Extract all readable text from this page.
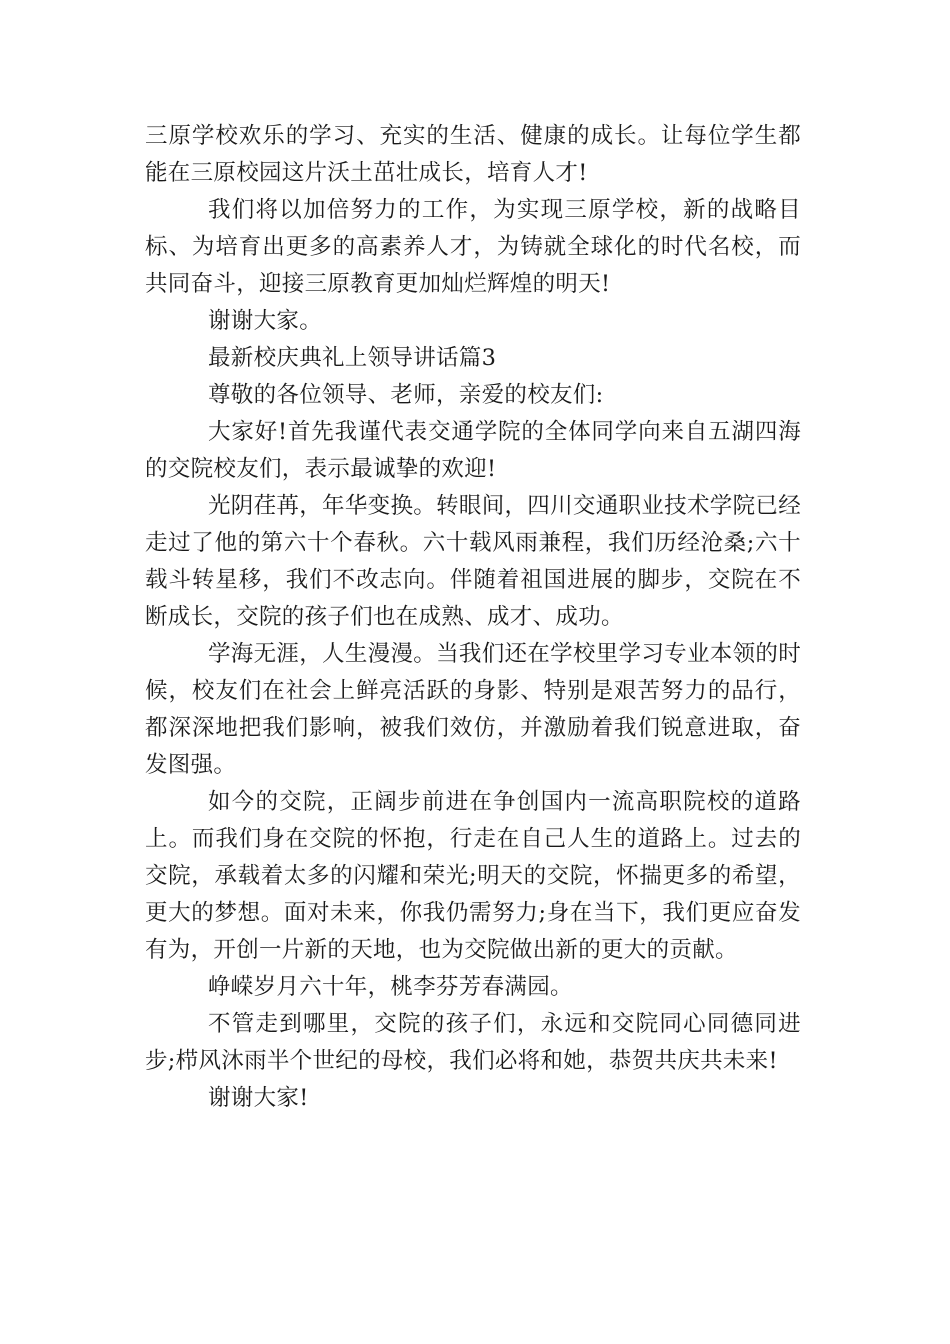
三原学校欢乐的学习、充实的生活、健康的成长。让每位学生都能在三原校园这片沃土茁壮成长，培育人才!

我们将以加倍努力的工作，为实现三原学校，新的战略目标、为培育出更多的高素养人才，为铸就全球化的时代名校，而共同奋斗，迎接三原教育更加灿烂辉煌的明天!

谢谢大家。

最新校庆典礼上领导讲话篇3

尊敬的各位领导、老师，亲爱的校友们:

大家好!首先我谨代表交通学院的全体同学向来自五湖四海的交院校友们，表示最诚挚的欢迎!

光阴荏苒，年华变换。转眼间，四川交通职业技术学院已经走过了他的第六十个春秋。六十载风雨兼程，我们历经沧桑;六十载斗转星移，我们不改志向。伴随着祖国进展的脚步，交院在不断成长，交院的孩子们也在成熟、成才、成功。

学海无涯，人生漫漫。当我们还在学校里学习专业本领的时候，校友们在社会上鲜亮活跃的身影、特别是艰苦努力的品行，都深深地把我们影响，被我们效仿，并激励着我们锐意进取，奋发图强。

如今的交院，正阔步前进在争创国内一流高职院校的道路上。而我们身在交院的怀抱，行走在自己人生的道路上。过去的交院，承载着太多的闪耀和荣光;明天的交院，怀揣更多的希望，更大的梦想。面对未来，你我仍需努力;身在当下，我们更应奋发有为，开创一片新的天地，也为交院做出新的更大的贡献。

峥嵘岁月六十年，桃李芬芳春满园。

不管走到哪里，交院的孩子们，永远和交院同心同德同进步;栉风沐雨半个世纪的母校，我们必将和她，恭贺共庆共未来!

谢谢大家!
